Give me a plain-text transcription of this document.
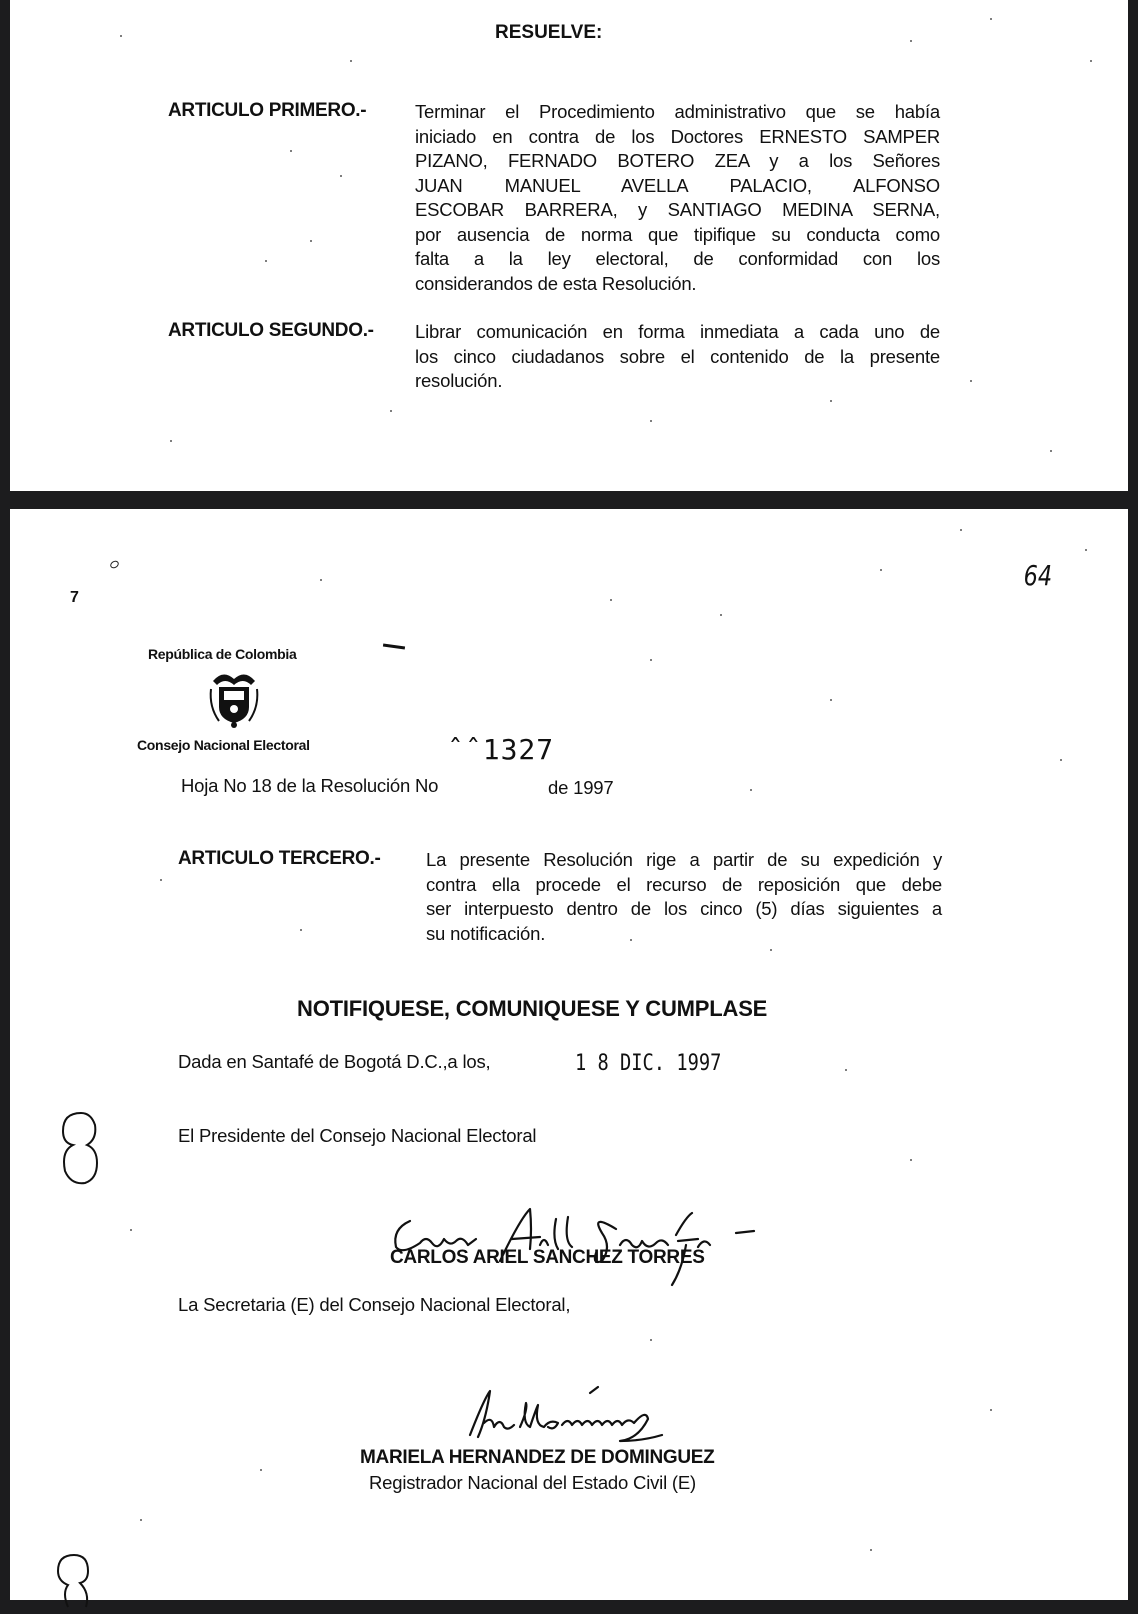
RESUELVE:
ARTICULO PRIMERO.-	Terminar el Procedimiento administrativo que se había
iniciado en contra de los Doctores ERNESTO SAMPER
PIZANO, FERNADO BOTERO ZEA y a los Señores
JUAN MANUEL AVELLA PALACIO, ALFONSO
ESCOBAR BARRERA, y SANTIAGO MEDINA SERNA,
por ausencia de norma que tipifique su conducta como
falta a la ley electoral, de conformidad con los
considerandos de esta Resolución.
ARTICULO SEGUNDO.- Librar comunicación en forma inmediata a cada uno de
los cinco ciudadanos sobre el contenido de la presente
resolución.
64
7
República de Colombia
Consejo Nacional Electoral	ˆˆ1327
Hoja No 18 de la Resolución No	de 1997
ARTICULO TERCERO.- La presente Resolución rige a partir de su expedición y
contra ella procede el recurso de reposición que debe
ser interpuesto dentro de los cinco (5) días siguientes a
su notificación.
NOTIFIQUESE, COMUNIQUESE Y CUMPLASE
Dada en Santafé de Bogotá D.C.,a los,	1 8 DIC. 1997
El Presidente del Consejo Nacional Electoral
CARLOS ARIEL SANCHEZ TORRES
La Secretaria (E) del Consejo Nacional Electoral,
MARIELA HERNANDEZ DE DOMINGUEZ
Registrador Nacional del Estado Civil (E)
